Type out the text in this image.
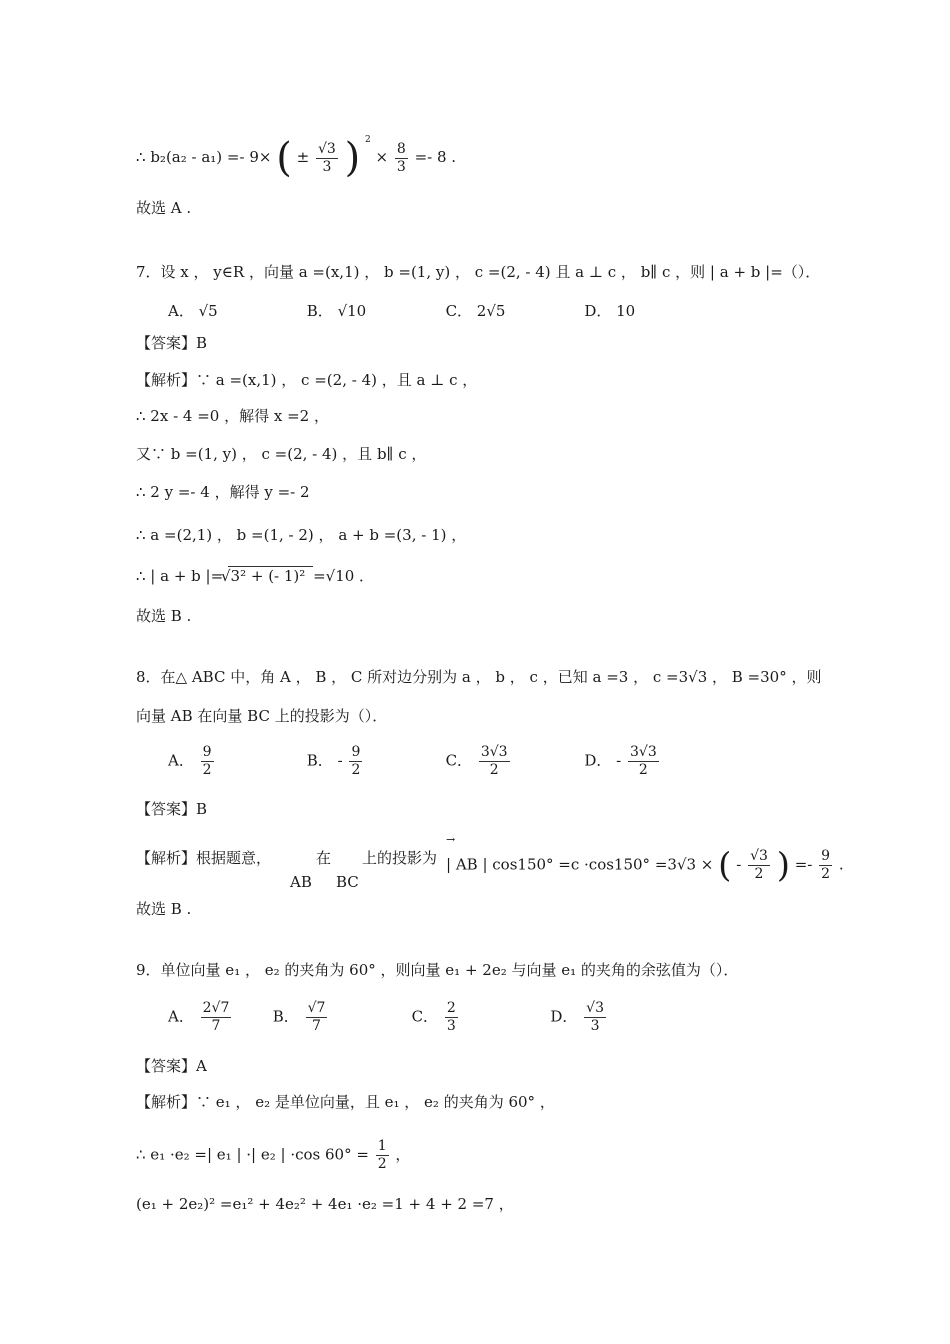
∴ b₂(a₂ - a₁) =- 9× ( ± $\frac{√3}{3}$ ) $^2 \times \frac{8}{3} =- 8$ .
故选 A .
7．设 x ， y∈R ，向量 a =(x,1) ， b =(1, y) ， c =(2, - 4) 且 a ⊥ c ， b∥ c ，则 | a + b |=（）．
A． √5	B． √10	C． 2√5	D． 10
【答案】B
【解析】∵ a =(x,1) ， c =(2, - 4) ，且 a ⊥ c ，
∴ 2x - 4 =0 ，解得 x =2 ，
又∵ b =(1, y) ， c =(2, - 4) ，且 b∥ c ，
∴ 2 y =- 4 ，解得 y =- 2
∴ a =(2,1) ， b =(1, - 2) ， a + b =(3, - 1) ，
∴ | a + b |= √3² + (- 1)² =√10 ．
故选 B .
8．在△ ABC 中，角 A ， B ， C 所对边分别为 a ， b ， c ，已知 a =3 ， c =3√3 ， B =30° ，则
向量 AB 在向量 BC 上的投影为（）．
A． $\frac{9}{2}$	B． - $\frac{9}{2}$	C． $\frac{3√3}{2}$	D． - $\frac{3√3}{2}$
【答案】B
【解析】根据题意，
AB
在
BC
上的投影为
→
| AB | cos150° =c ·cos150° =3√3 × ( - $\frac{√3}{2}$ ) =- $\frac{9}{2}$ .
故选 B .
9．单位向量 e₁ ， e₂ 的夹角为 60° ，则向量 e₁ + 2e₂ 与向量 e₁ 的夹角的余弦值为（）．
A． $\frac{2√7}{7}$	B． $\frac{√7}{7}$	C． $\frac{2}{3}$	D． $\frac{√3}{3}$
【答案】A
【解析】∵ e₁ ， e₂ 是单位向量，且 e₁ ， e₂ 的夹角为 60° ，
∴ e₁ ·e₂ =| e₁ | ·| e₂ | ·cos $60^\circ = \frac{1}{2}$ ，
(e₁ + 2e₂)² =e₁² + 4e₂² + 4e₁ ·e₂ =1 + 4 + 2 =7 ，
